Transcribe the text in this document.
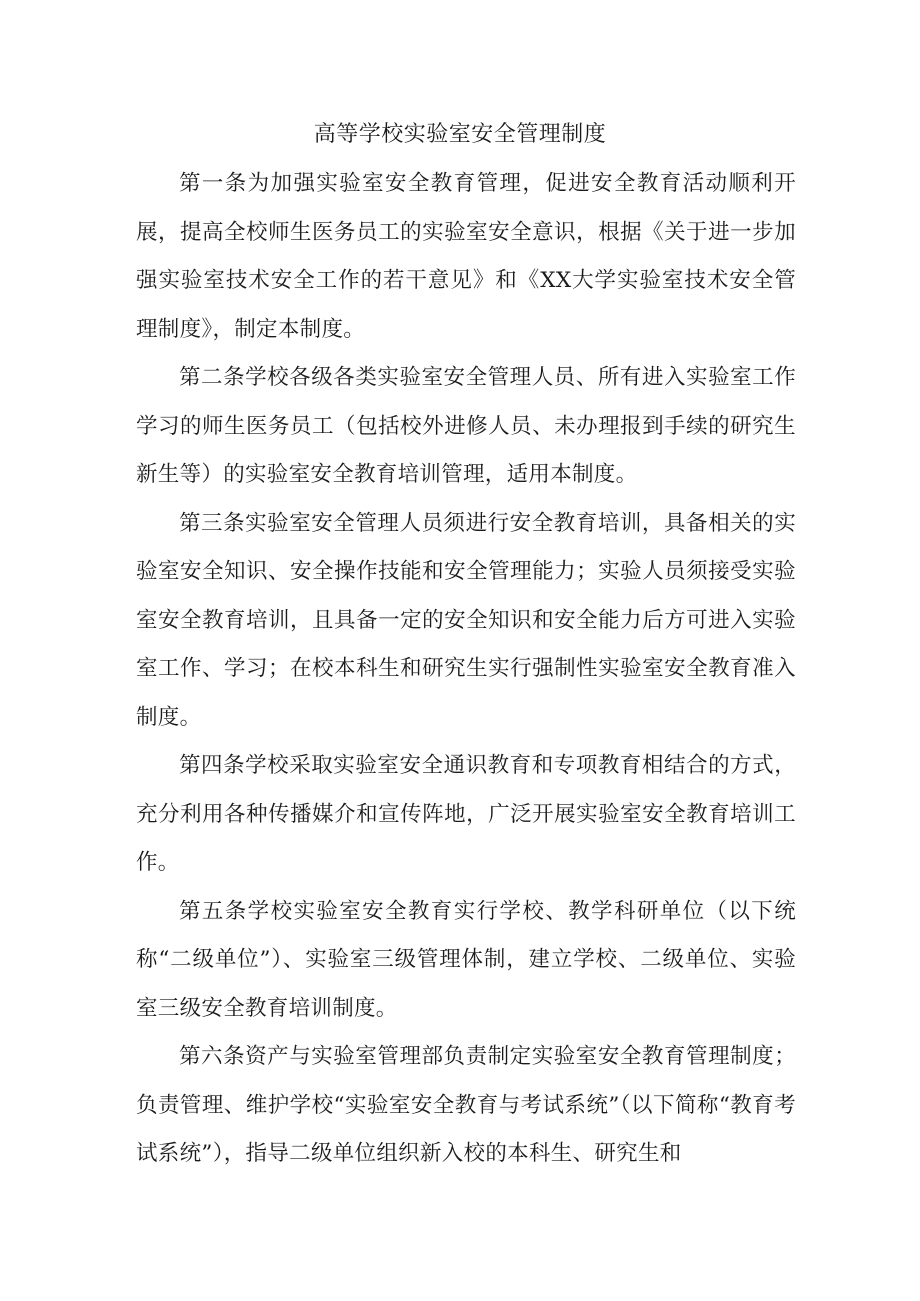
高等学校实验室安全管理制度

第一条为加强实验室安全教育管理，促进安全教育活动顺利开展，提高全校师生医务员工的实验室安全意识，根据《关于进一步加强实验室技术安全工作的若干意见》和《XX大学实验室技术安全管理制度》，制定本制度。

第二条学校各级各类实验室安全管理人员、所有进入实验室工作学习的师生医务员工（包括校外进修人员、未办理报到手续的研究生新生等）的实验室安全教育培训管理，适用本制度。

第三条实验室安全管理人员须进行安全教育培训，具备相关的实验室安全知识、安全操作技能和安全管理能力；实验人员须接受实验室安全教育培训，且具备一定的安全知识和安全能力后方可进入实验室工作、学习；在校本科生和研究生实行强制性实验室安全教育准入制度。

第四条学校采取实验室安全通识教育和专项教育相结合的方式，充分利用各种传播媒介和宣传阵地，广泛开展实验室安全教育培训工作。

第五条学校实验室安全教育实行学校、教学科研单位（以下统称“二级单位”）、实验室三级管理体制，建立学校、二级单位、实验室三级安全教育培训制度。

第六条资产与实验室管理部负责制定实验室安全教育管理制度；负责管理、维护学校“实验室安全教育与考试系统”（以下简称“教育考试系统”），指导二级单位组织新入校的本科生、研究生和
